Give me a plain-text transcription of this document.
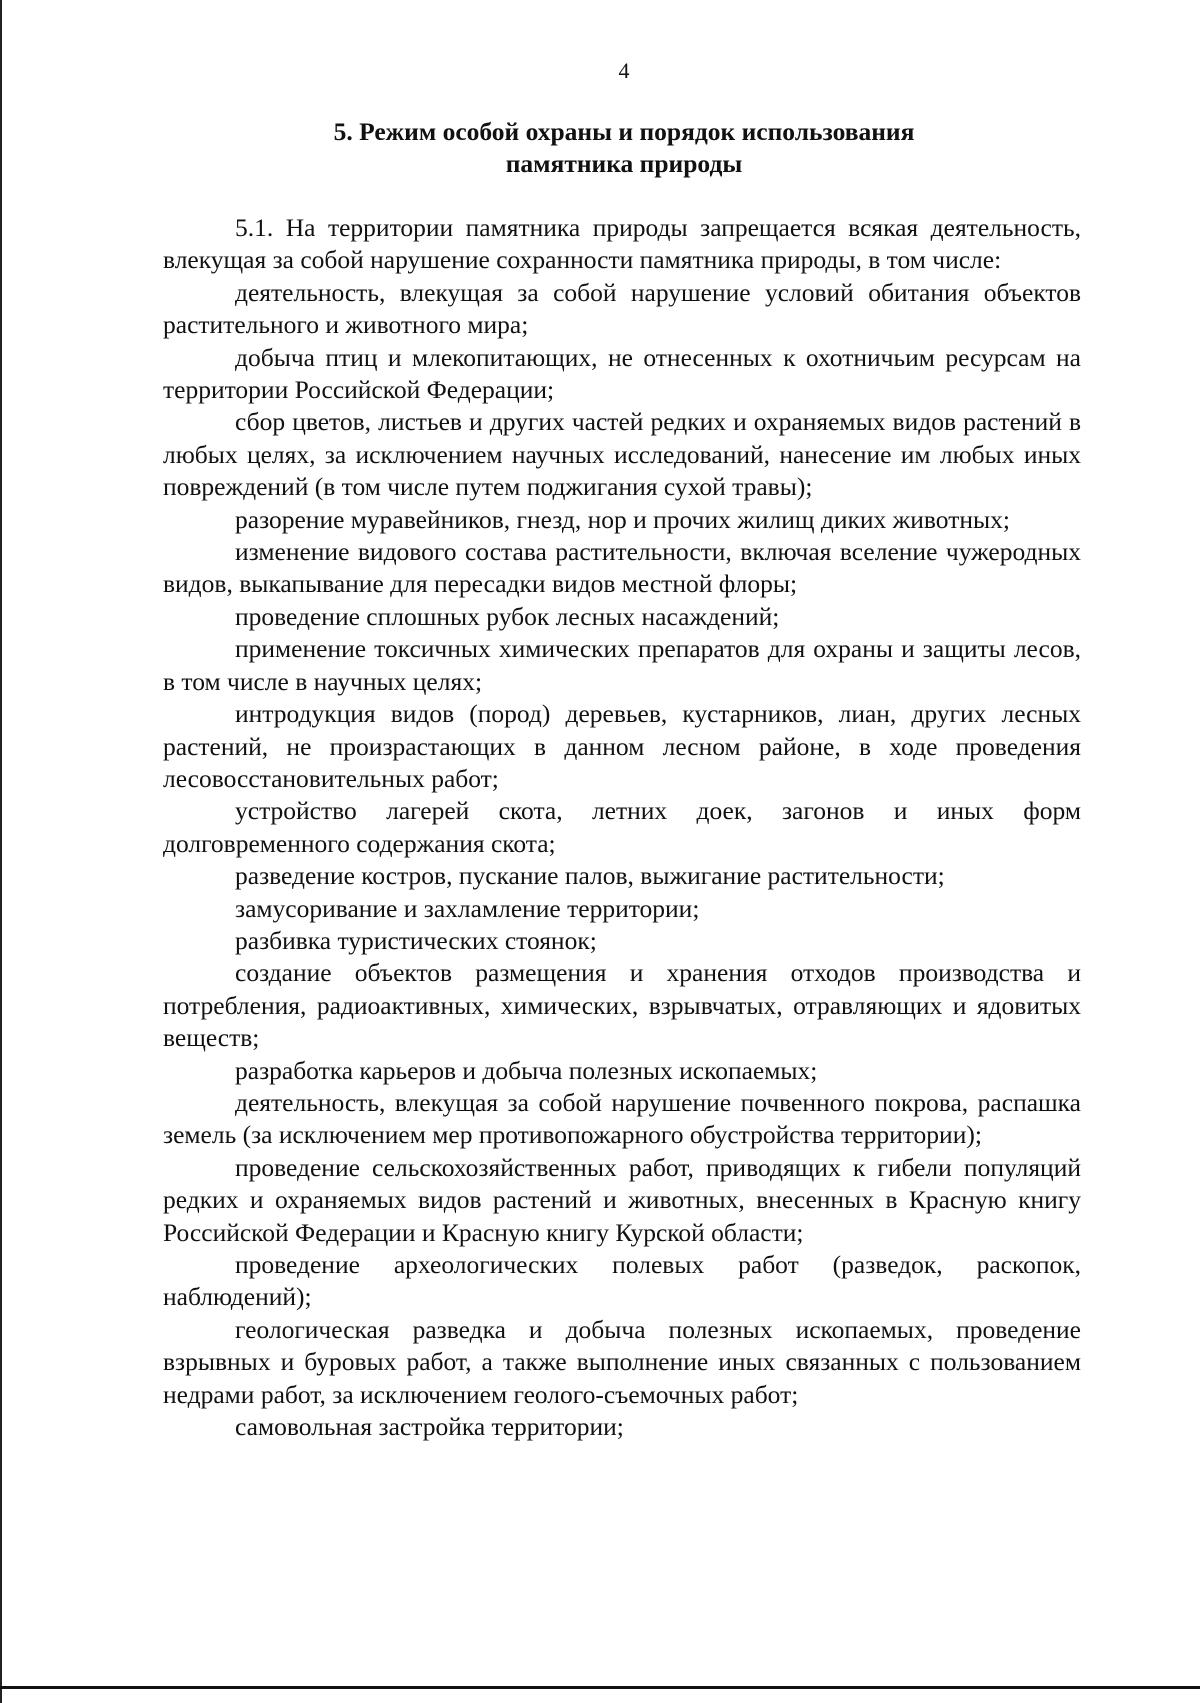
4
5. Режим особой охраны и порядок использования
памятника природы

5.1. На территории памятника природы запрещается всякая деятельность, влекущая за собой нарушение сохранности памятника природы, в том числе:

деятельность, влекущая за собой нарушение условий обитания объектов растительного и животного мира;

добыча птиц и млекопитающих, не отнесенных к охотничьим ресурсам на территории Российской Федерации;

сбор цветов, листьев и других частей редких и охраняемых видов растений в любых целях, за исключением научных исследований, нанесение им любых иных повреждений (в том числе путем поджигания сухой травы);

разорение муравейников, гнезд, нор и прочих жилищ диких животных;

изменение видового состава растительности, включая вселение чужеродных видов, выкапывание для пересадки видов местной флоры;

проведение сплошных рубок лесных насаждений;

применение токсичных химических препаратов для охраны и защиты лесов, в том числе в научных целях;

интродукция видов (пород) деревьев, кустарников, лиан, других лесных растений, не произрастающих в данном лесном районе, в ходе проведения лесовосстановительных работ;

устройство лагерей скота, летних доек, загонов и иных форм долговременного содержания скота;

разведение костров, пускание палов, выжигание растительности;

замусоривание и захламление территории;

разбивка туристических стоянок;

создание объектов размещения и хранения отходов производства и потребления, радиоактивных, химических, взрывчатых, отравляющих и ядовитых веществ;

разработка карьеров и добыча полезных ископаемых;

деятельность, влекущая за собой нарушение почвенного покрова, распашка земель (за исключением мер противопожарного обустройства территории);

проведение сельскохозяйственных работ, приводящих к гибели популяций редких и охраняемых видов растений и животных, внесенных в Красную книгу Российской Федерации и Красную книгу Курской области;

проведение археологических полевых работ (разведок, раскопок, наблюдений);

геологическая разведка и добыча полезных ископаемых, проведение взрывных и буровых работ, а также выполнение иных связанных с пользованием недрами работ, за исключением геолого-съемочных работ;

самовольная застройка территории;
